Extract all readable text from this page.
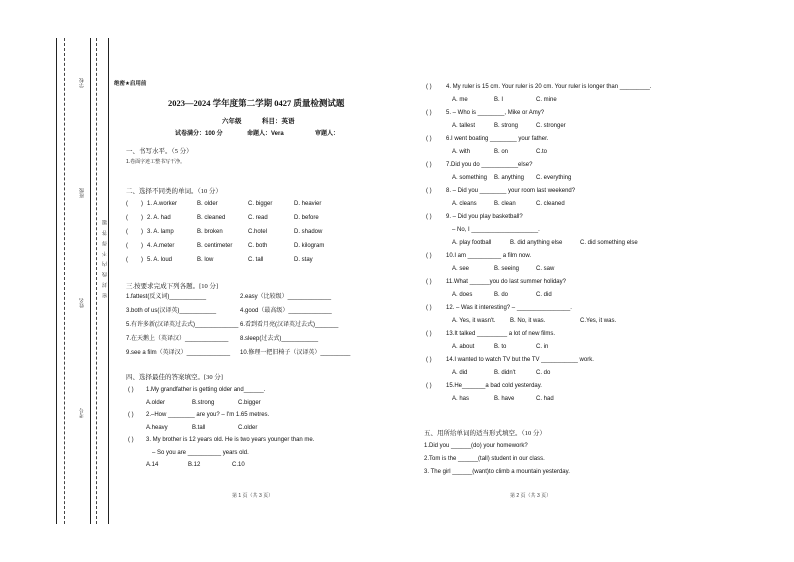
学校
班级
姓名
考号
密 封 线 内 不 得 答 题
绝密★启用前
2023—2024 学年度第二学期 0427 质量检测试题
六年级	科目：英语
试卷满分：100 分	命题人：Vera	审题人：
一、书写水平。（5 分）
1.卷面字迹工整书写干净。
二、选择不同类的单词。（10 分）
( ) 1. A.worker	B. older	C. bigger	D. heavier
( ) 2. A. had	B. cleaned	C. read	D. before
( ) 3. A. lamp	B. broken	C.hotel	D. shadow
( ) 4. A.meter	B. centimeter	C. both	D. kilogram
( ) 5. A. loud	B. low	C. tall	D. stay
三.按要求完成下列各题。[10 分]
1.fattest(反义词)___________	2.easy（比较级）_____________
3.both of us(汉译英)___________	4.good（最高级）_____________
5.有许多新(汉译英过去式)_____________ 6.看到看月亮(汉译英过去式)_______
7.在天鹅上（英译汉）_____________ 8.sleep(过去式)___________
9.see a film（英译汉）_____________ 10.修理一把旧椅子（汉译英）_________
四、选择最佳的答案填空。[30 分]
( ) 1.My grandfather is getting older and______.
A.older	B.strong	C.bigger
( ) 2.–How ________ are you? – I'm 1.65 metres.
A.heavy	B.tall	C.older
( ) 3. My brother is 12 years old. He is two years younger than me.
– So you are __________ years old.
A.14	B.12	C.10
第 1 页（共 3 页）
( ) 4. My ruler is 15 cm. Your ruler is 20 cm. Your ruler is longer than _________.
A. me	B. I	C. mine
( ) 5. – Who is ________, Mike or Amy?
A. tallest	B. strong	C. stronger
( ) 6.I went boating ________ your father.
A. with	B. on	C.to
( ) 7.Did you do ___________else?
A. something B. anything C. everything
( ) 8. – Did you ________ your room last weekend?
A. cleans	B. clean	C. cleaned
( ) 9. – Did you play basketball?
– No, I ____________________.
A. play football	B. did anything else	C. did something else
( ) 10.I am __________ a film now.
A. see	B. seeing	C. saw
( ) 11.What ______you do last summer holiday?
A. does	B. do	C. did
( ) 12. – Was it interesting? – ________________.
A. Yes, it wasn't. B. No, it was.	C.Yes, it was.
( ) 13.It talked _________ a lot of new films.
A. about	B. to	C. in
( ) 14.I wanted to watch TV but the TV ___________ work.
A. did	B. didn't	C. do
( ) 15.He_______a bad cold yesterday.
A. has	B. have	C. had
五、用所给单词的适当形式填空。（10 分）
1.Did you ______(do) your homework?
2.Tom is the ______(tall) student in our class.
3. The girl ______(want)to climb a mountain yesterday.
第 2 页（共 3 页）
